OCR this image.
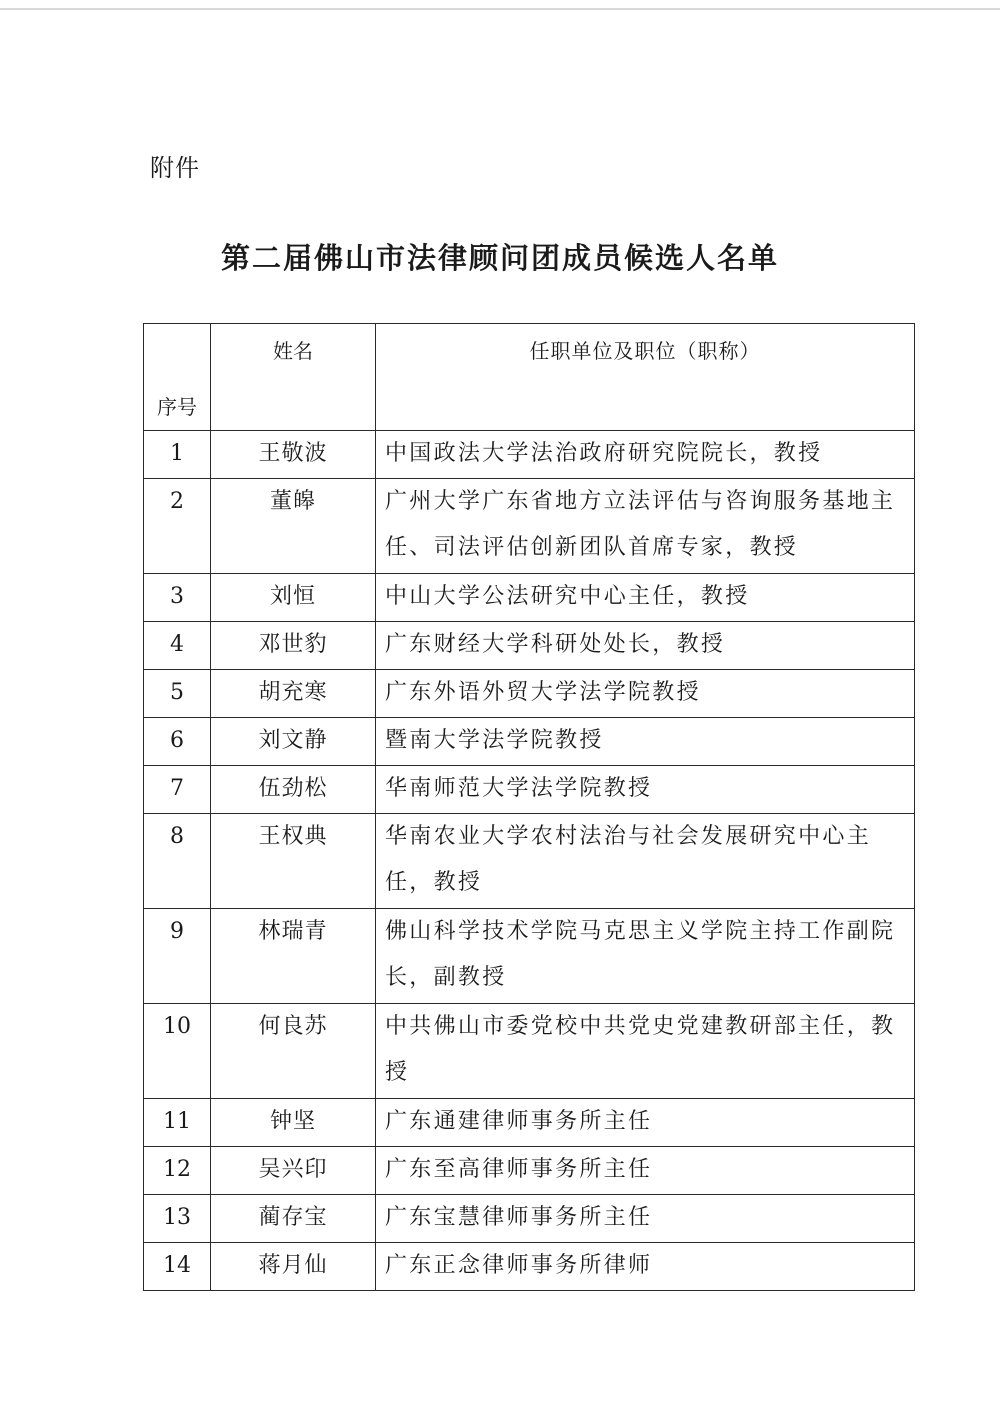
附件
第二届佛山市法律顾问团成员候选人名单
序号	姓名	任职单位及职位（职称）

1	王敬波	中国政法大学法治政府研究院院长，教授
2	董皞	广州大学广东省地方立法评估与咨询服务基地主任、司法评估创新团队首席专家，教授
3	刘恒	中山大学公法研究中心主任，教授
4	邓世豹	广东财经大学科研处处长，教授
5	胡充寒	广东外语外贸大学法学院教授
6	刘文静	暨南大学法学院教授
7	伍劲松	华南师范大学法学院教授
8	王权典	华南农业大学农村法治与社会发展研究中心主任，教授
9	林瑞青	佛山科学技术学院马克思主义学院主持工作副院长，副教授
10	何良苏	中共佛山市委党校中共党史党建教研部主任，教授
11	钟坚	广东通建律师事务所主任
12	吴兴印	广东至高律师事务所主任
13	蔺存宝	广东宝慧律师事务所主任
14	蒋月仙	广东正念律师事务所律师
